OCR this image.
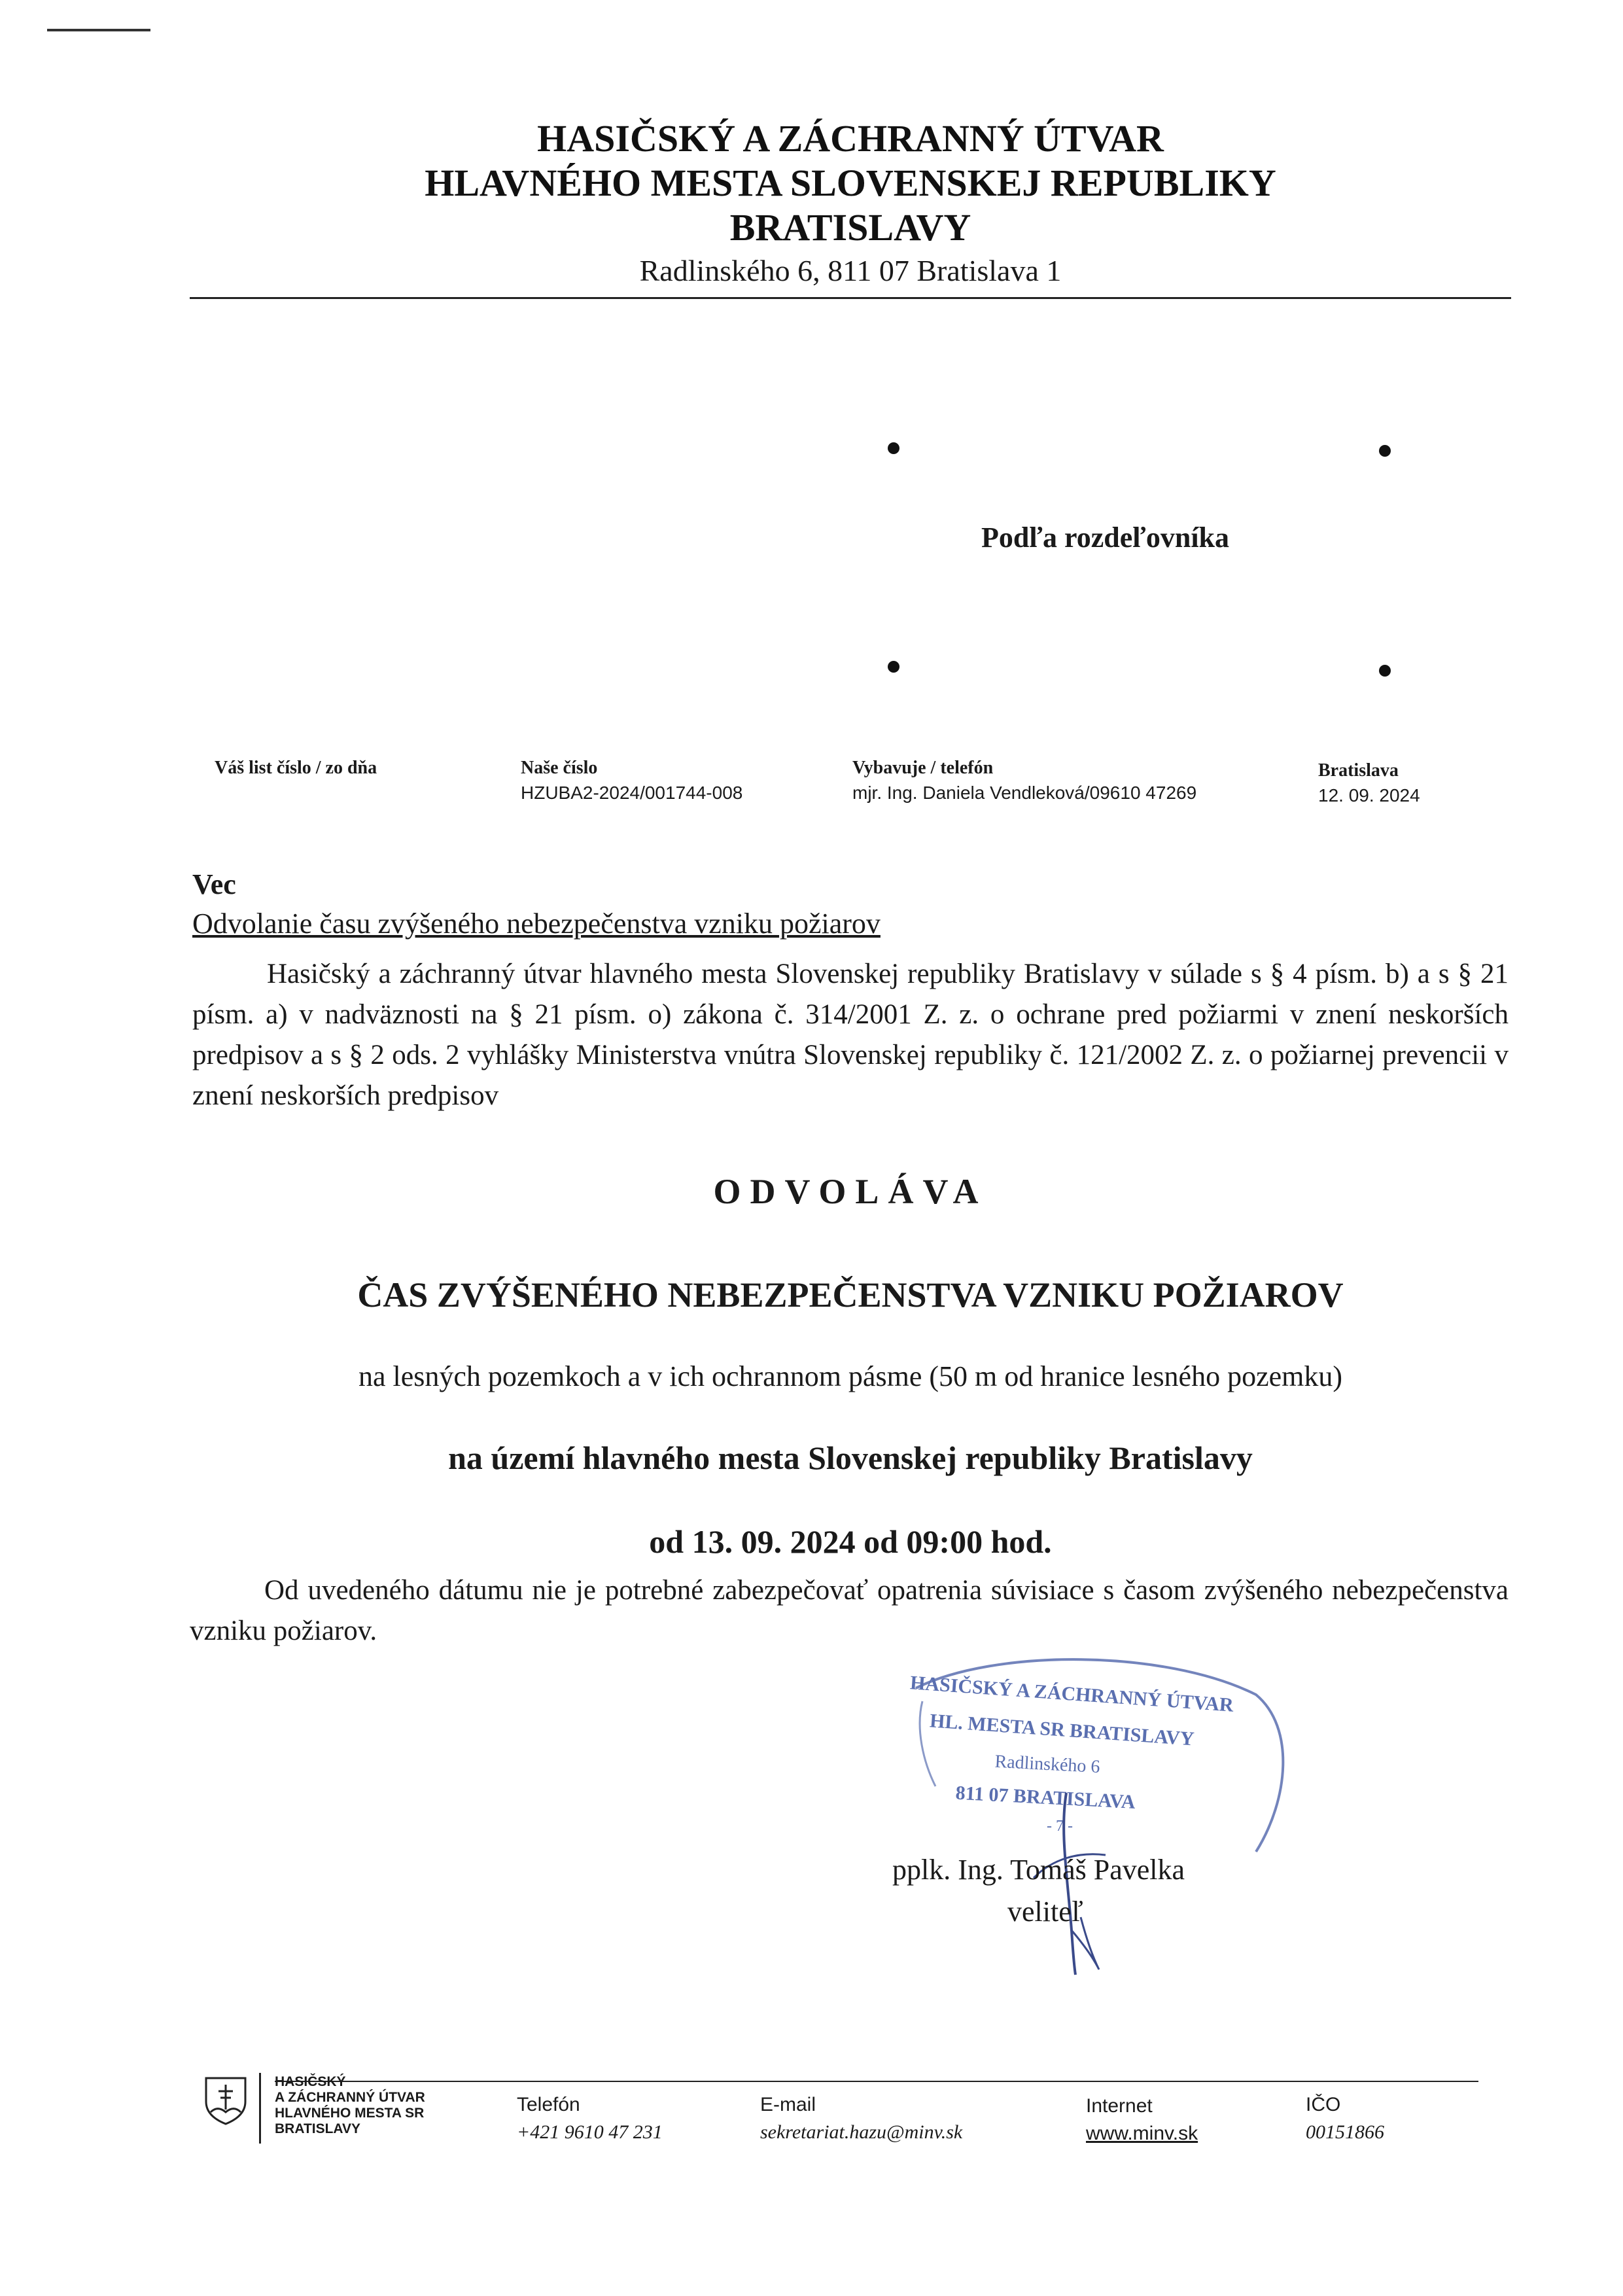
HASIČSKÝ A ZÁCHRANNÝ ÚTVAR
HLAVNÉHO MESTA SLOVENSKEJ REPUBLIKY
BRATISLAVY
Radlinského 6, 811 07 Bratislava 1
Podľa rozdeľovníka
Váš list číslo / zo dňa	Naše číslo
HZUBA2-2024/001744-008
Vybavuje / telefón
mjr. Ing. Daniela Vendleková/09610 47269
Bratislava
12. 09. 2024
Vec
Odvolanie času zvýšeného nebezpečenstva vzniku požiarov
Hasičský a záchranný útvar hlavného mesta Slovenskej republiky Bratislavy v súlade s § 4 písm. b) a s § 21 písm. a) v nadväznosti na § 21 písm. o) zákona č. 314/2001 Z. z. o ochrane pred požiarmi v znení neskorších predpisov a s § 2 ods. 2 vyhlášky Ministerstva vnútra Slovenskej republiky č. 121/2002 Z. z. o požiarnej prevencii v znení neskorších predpisov
ODVOLÁVA
ČAS ZVÝŠENÉHO NEBEZPEČENSTVA VZNIKU POŽIAROV
na lesných pozemkoch a v ich ochrannom pásme (50 m od hranice lesného pozemku)
na území hlavného mesta Slovenskej republiky Bratislavy
od 13. 09. 2024 od 09:00 hod.
Od uvedeného dátumu nie je potrebné zabezpečovať opatrenia súvisiace s časom zvýšeného nebezpečenstva vzniku požiarov.
HASIČSKÝ A ZÁCHRANNÝ ÚTVAR
HL. MESTA SR BRATISLAVY
Radlinského 6
811 07 BRATISLAVA
- 7 -
pplk. Ing. Tomáš Pavelka
veliteľ
HASIČSKÝ
A ZÁCHRANNÝ ÚTVAR
HLAVNÉHO MESTA SR
BRATISLAVY
Telefón
+421 9610 47 231
E-mail
sekretariat.hazu@minv.sk
Internet
www.minv.sk
IČO
00151866
